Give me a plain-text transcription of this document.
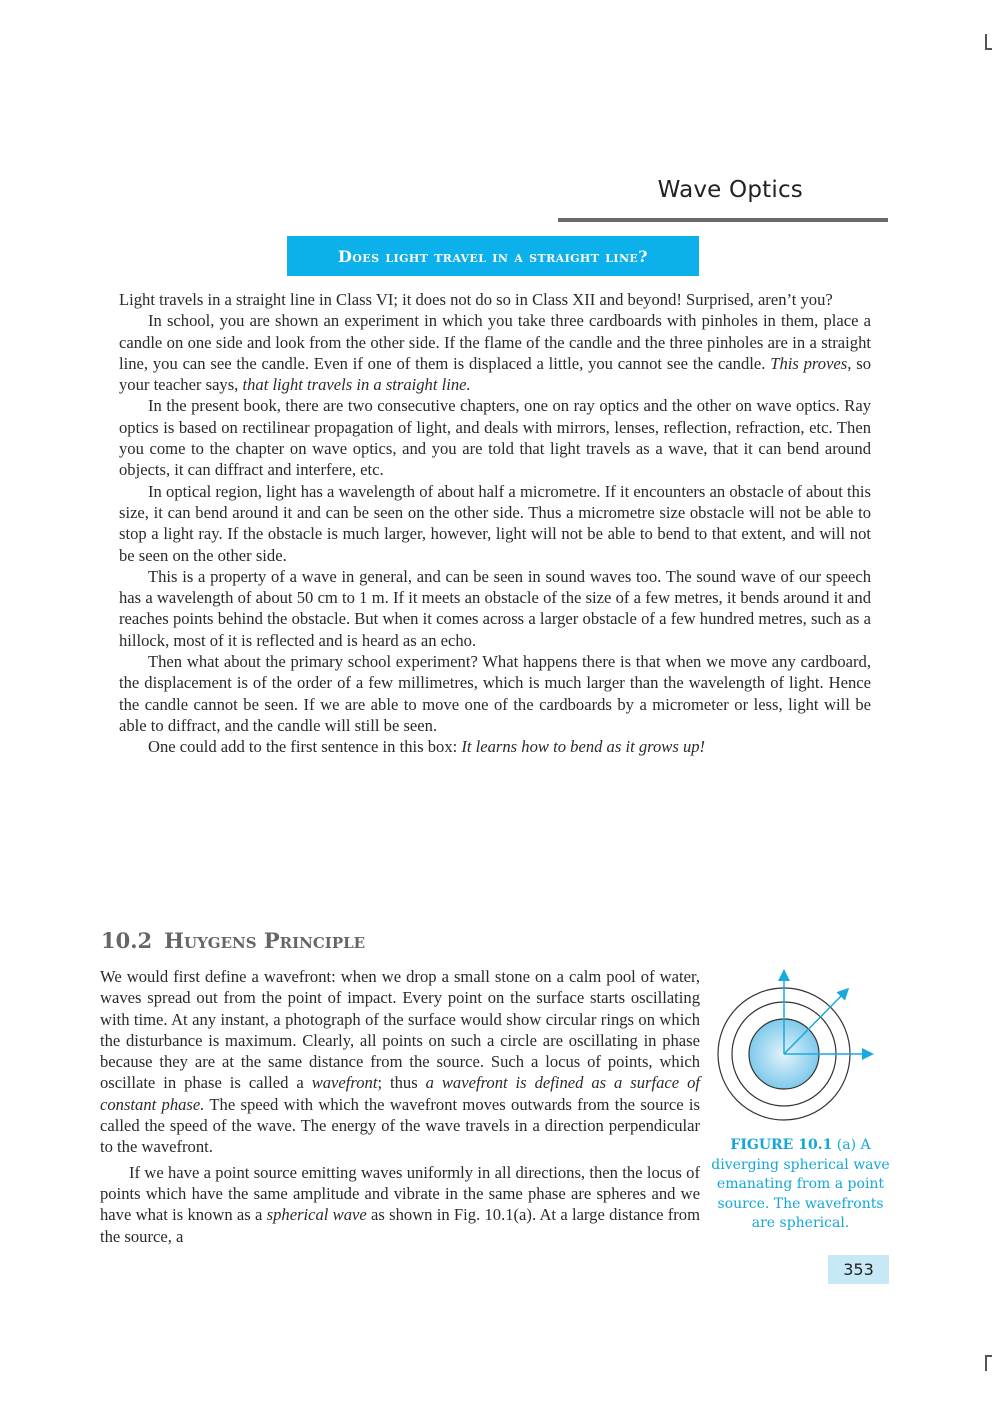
Wave Optics
Does light travel in a straight line?

Light travels in a straight line in Class VI; it does not do so in Class XII and beyond! Surprised, aren’t you?

In school, you are shown an experiment in which you take three cardboards with pinholes in them, place a candle on one side and look from the other side. If the flame of the candle and the three pinholes are in a straight line, you can see the candle. Even if one of them is displaced a little, you cannot see the candle. This proves, so your teacher says, that light travels in a straight line.

In the present book, there are two consecutive chapters, one on ray optics and the other on wave optics. Ray optics is based on rectilinear propagation of light, and deals with mirrors, lenses, reflection, refraction, etc. Then you come to the chapter on wave optics, and you are told that light travels as a wave, that it can bend around objects, it can diffract and interfere, etc.

In optical region, light has a wavelength of about half a micrometre. If it encounters an obstacle of about this size, it can bend around it and can be seen on the other side. Thus a micrometre size obstacle will not be able to stop a light ray. If the obstacle is much larger, however, light will not be able to bend to that extent, and will not be seen on the other side.

This is a property of a wave in general, and can be seen in sound waves too. The sound wave of our speech has a wavelength of about 50 cm to 1 m. If it meets an obstacle of the size of a few metres, it bends around it and reaches points behind the obstacle. But when it comes across a larger obstacle of a few hundred metres, such as a hillock, most of it is reflected and is heard as an echo.

Then what about the primary school experiment? What happens there is that when we move any cardboard, the displacement is of the order of a few millimetres, which is much larger than the wavelength of light. Hence the candle cannot be seen. If we are able to move one of the cardboards by a micrometer or less, light will be able to diffract, and the candle will still be seen.

One could add to the first sentence in this box: It learns how to bend as it grows up!

10.2 Huygens Principle

We would first define a wavefront: when we drop a small stone on a calm pool of water, waves spread out from the point of impact. Every point on the surface starts oscillating with time. At any instant, a photograph of the surface would show circular rings on which the disturbance is maximum. Clearly, all points on such a circle are oscillating in phase because they are at the same distance from the source. Such a locus of points, which oscillate in phase is called a wavefront; thus a wavefront is defined as a surface of constant phase. The speed with which the wavefront moves outwards from the source is called the speed of the wave. The energy of the wave travels in a direction perpendicular to the wavefront.

If we have a point source emitting waves uniformly in all directions, then the locus of points which have the same amplitude and vibrate in the same phase are spheres and we have what is known as a spherical wave as shown in Fig. 10.1(a). At a large distance from the source, a

FIGURE 10.1 (a) A diverging spherical wave emanating from a point source. The wavefronts are spherical.
353
